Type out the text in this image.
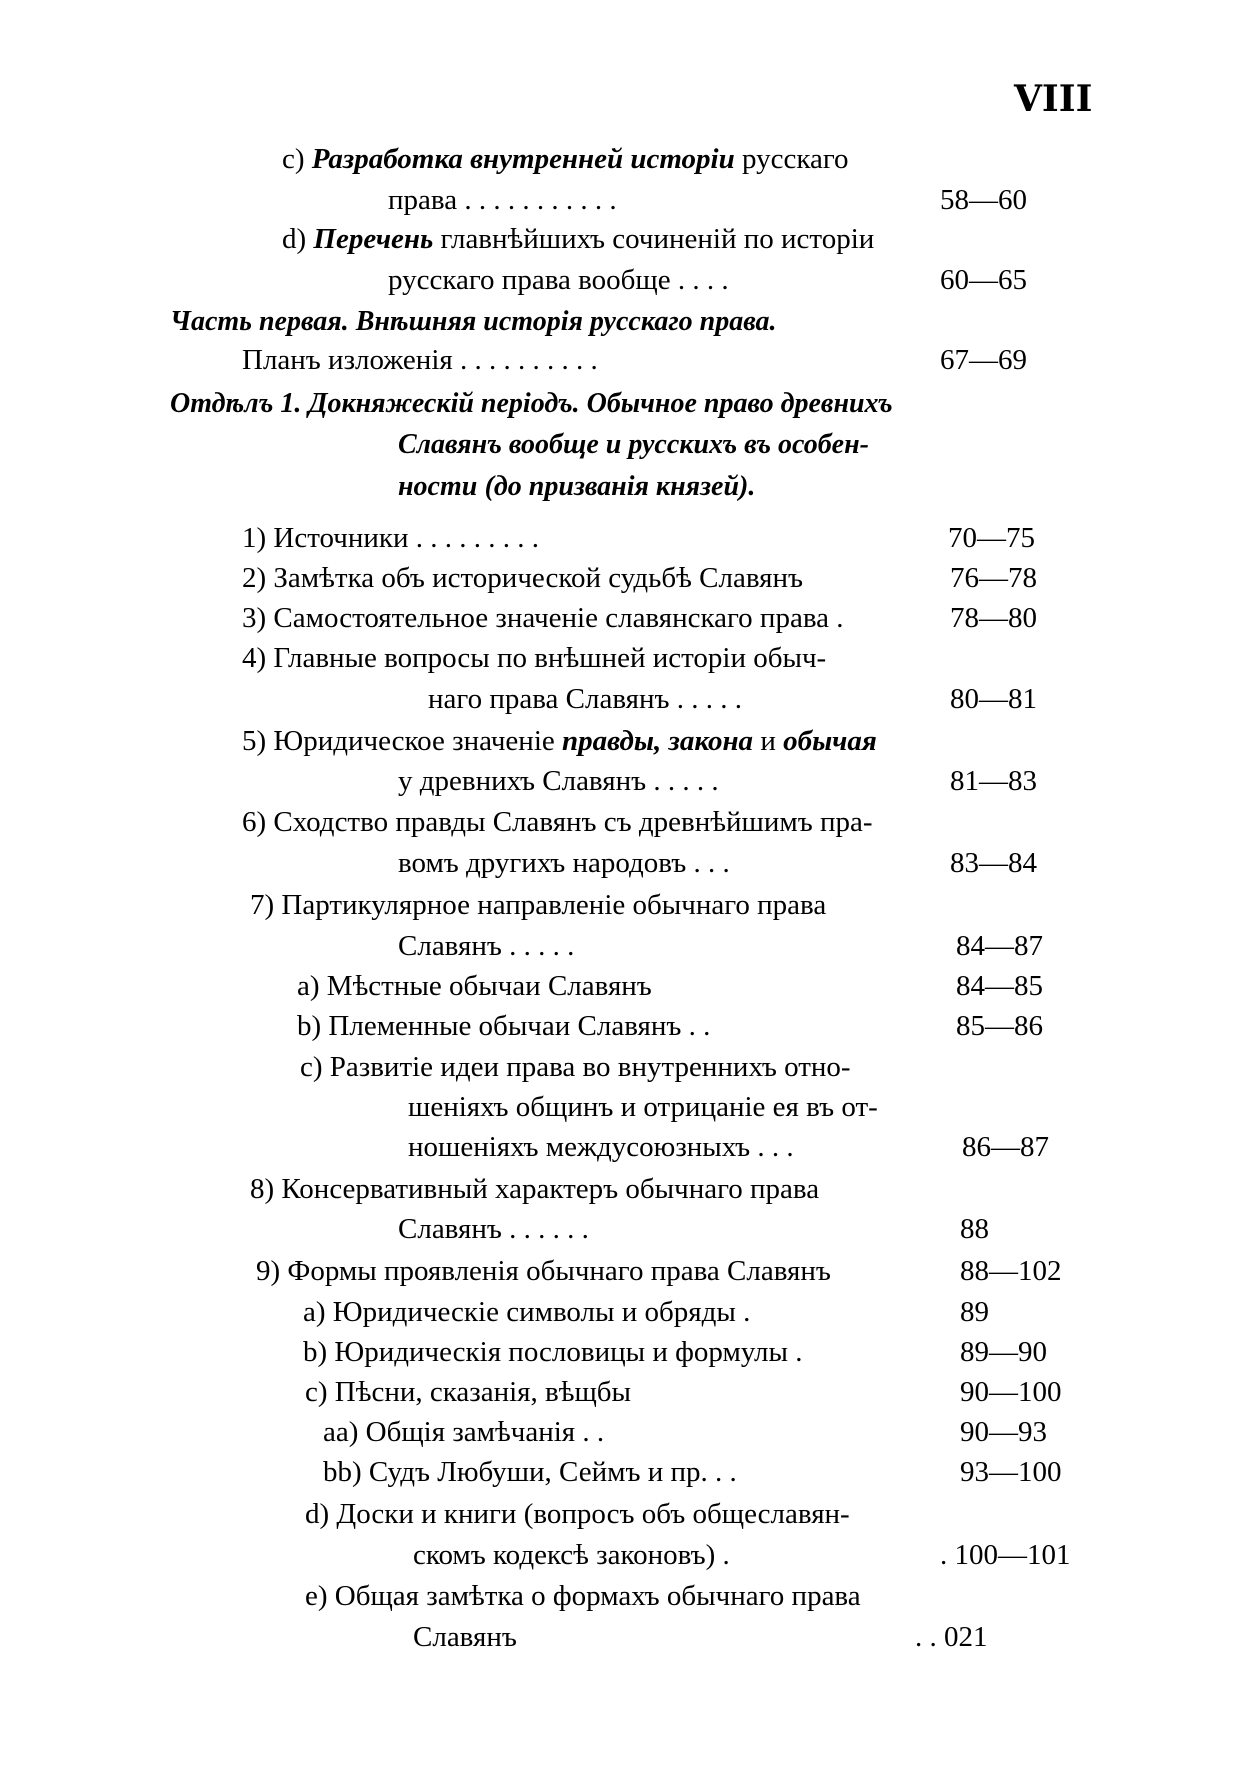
VIII
c) Разработка внутренней исторіи русскаго
права . . . . . . . . . . .	58—60
d) Перечень главнѣйшихъ сочиненій по исторіи
русскаго права вообще . . . .	60—65
Часть первая. Внѣшняя исторія русскаго права.
Планъ изложенія . . . . . . . . . .	67—69
Отдѣлъ 1. Докняжескій періодъ. Обычное право древнихъ
Славянъ вообще и русскихъ въ особен-
ности (до призванія князей).
1) Источники . . . . . . . . .	70—75
2) Замѣтка объ исторической судьбѣ Славянъ	76—78
3) Самостоятельное значеніе славянскаго права .	78—80
4) Главные вопросы по внѣшней исторіи обыч-
наго права Славянъ . . . . .	80—81
5) Юридическое значеніе правды, закона и обычая
у древнихъ Славянъ . . . . .	81—83
6) Сходство правды Славянъ съ древнѣйшимъ пра-
вомъ другихъ народовъ . . .	83—84
7) Партикулярное направленіе обычнаго права
Славянъ . . . . .	84—87
a) Мѣстные обычаи Славянъ	84—85
b) Племенные обычаи Славянъ . .	85—86
c) Развитіе идеи права во внутреннихъ отно-
шеніяхъ общинъ и отрицаніе ея въ от-
ношеніяхъ междусоюзныхъ . . .	86—87
8) Консервативный характеръ обычнаго права
Славянъ . . . . . .	88
9) Формы проявленія обычнаго права Славянъ	88—102
a) Юридическіе символы и обряды .	89
b) Юридическія пословицы и формулы .	89—90
c) Пѣсни, сказанія, вѣщбы	90—100
aa) Общія замѣчанія . .	90—93
bb) Судъ Любуши, Сеймъ и пр. . .	93—100
d) Доски и книги (вопросъ объ общеславян-
скомъ кодексѣ законовъ) .	. 100—101
e) Общая замѣтка о формахъ обычнаго права
Славянъ	. . 021
